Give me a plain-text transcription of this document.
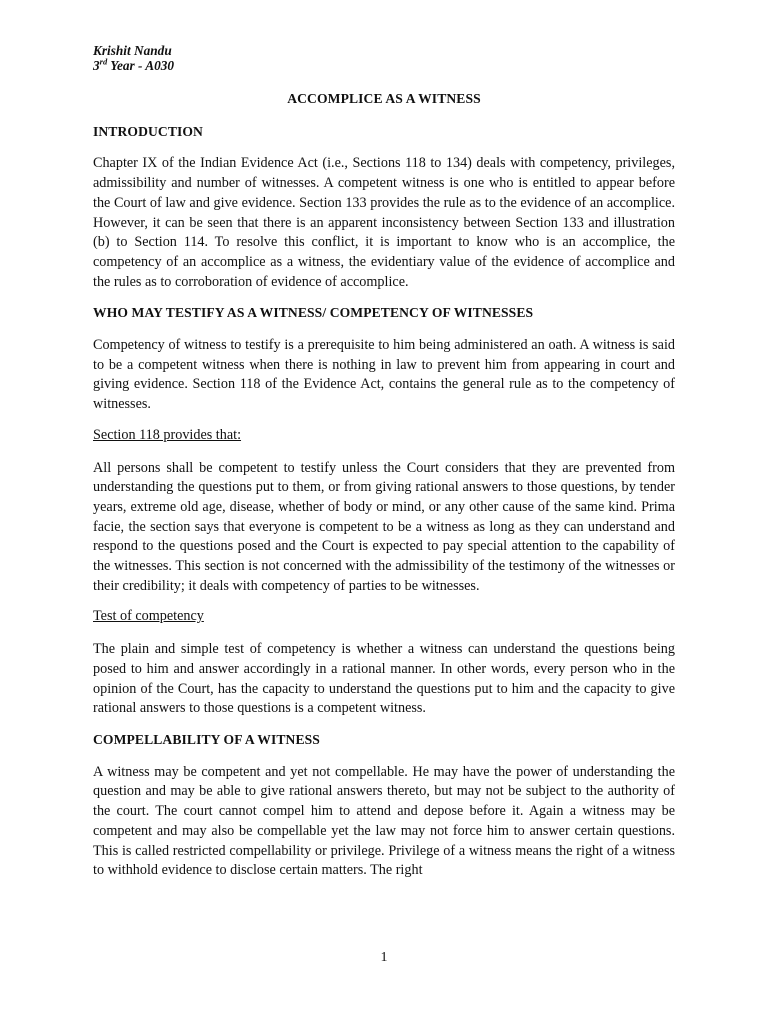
Krishit Nandu
3rd Year - A030
ACCOMPLICE AS A WITNESS
INTRODUCTION

Chapter IX of the Indian Evidence Act (i.e., Sections 118 to 134) deals with competency, privileges, admissibility and number of witnesses. A competent witness is one who is entitled to appear before the Court of law and give evidence. Section 133 provides the rule as to the evidence of an accomplice. However, it can be seen that there is an apparent inconsistency between Section 133 and illustration (b) to Section 114. To resolve this conflict, it is important to know who is an accomplice, the competency of an accomplice as a witness, the evidentiary value of the evidence of accomplice and the rules as to corroboration of evidence of accomplice.

WHO MAY TESTIFY AS A WITNESS/ COMPETENCY OF WITNESSES

Competency of witness to testify is a prerequisite to him being administered an oath. A witness is said to be a competent witness when there is nothing in law to prevent him from appearing in court and giving evidence. Section 118 of the Evidence Act, contains the general rule as to the competency of witnesses.

Section 118 provides that:

All persons shall be competent to testify unless the Court considers that they are prevented from understanding the questions put to them, or from giving rational answers to those questions, by tender years, extreme old age, disease, whether of body or mind, or any other cause of the same kind. Prima facie, the section says that everyone is competent to be a witness as long as they can understand and respond to the questions posed and the Court is expected to pay special attention to the capability of the witnesses. This section is not concerned with the admissibility of the testimony of the witnesses or their credibility; it deals with competency of parties to be witnesses.

Test of competency

The plain and simple test of competency is whether a witness can understand the questions being posed to him and answer accordingly in a rational manner. In other words, every person who in the opinion of the Court, has the capacity to understand the questions put to him and the capacity to give rational answers to those questions is a competent witness.

COMPELLABILITY OF A WITNESS

A witness may be competent and yet not compellable. He may have the power of understanding the question and may be able to give rational answers thereto, but may not be subject to the authority of the court. The court cannot compel him to attend and depose before it. Again a witness may be competent and may also be compellable yet the law may not force him to answer certain questions. This is called restricted compellability or privilege. Privilege of a witness means the right of a witness to withhold evidence to disclose certain matters. The right

1
